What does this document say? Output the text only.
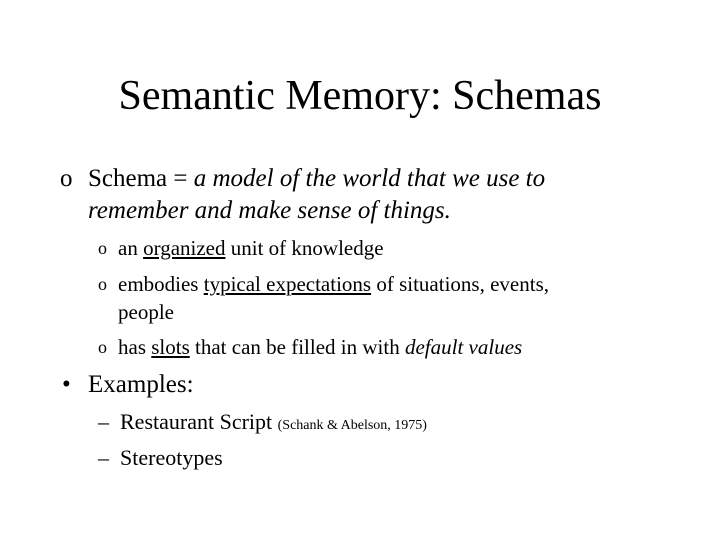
Semantic Memory: Schemas
o Schema = a model of the world that we use to
remember and make sense of things.
o an organized unit of knowledge
o embodies typical expectations of situations, events,
people
o has slots that can be filled in with default values
• Examples:
– Restaurant Script (Schank & Abelson, 1975)
– Stereotypes
